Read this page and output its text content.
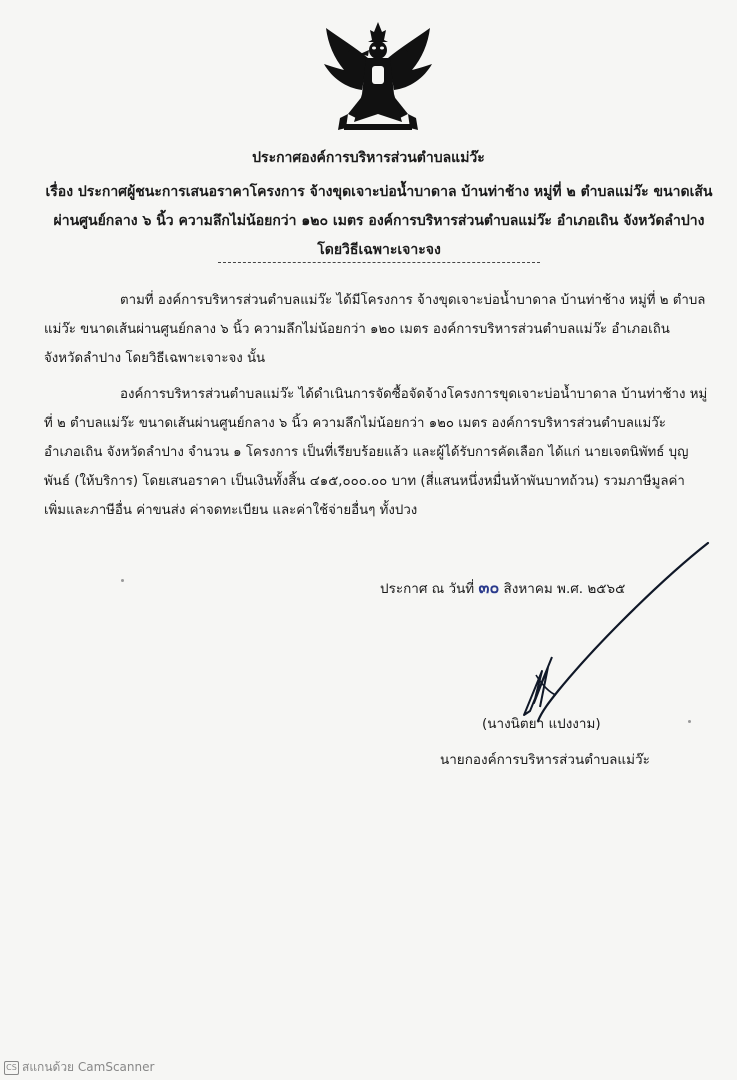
ประกาศองค์การบริหารส่วนตำบลแม่ว๊ะ
เรื่อง ประกาศผู้ชนะการเสนอราคาโครงการ จ้างขุดเจาะบ่อน้ำบาดาล บ้านท่าช้าง หมู่ที่ ๒ ตำบลแม่ว๊ะ ขนาดเส้น
ผ่านศูนย์กลาง ๖ นิ้ว ความลึกไม่น้อยกว่า ๑๒๐ เมตร องค์การบริหารส่วนตำบลแม่ว๊ะ อำเภอเถิน จังหวัดลำปาง
โดยวิธีเฉพาะเจาะจง
ตามที่ องค์การบริหารส่วนตำบลแม่ว๊ะ ได้มีโครงการ จ้างขุดเจาะบ่อน้ำบาดาล บ้านท่าช้าง หมู่ที่ ๒ ตำบล
แม่ว๊ะ ขนาดเส้นผ่านศูนย์กลาง ๖ นิ้ว ความลึกไม่น้อยกว่า ๑๒๐ เมตร องค์การบริหารส่วนตำบลแม่ว๊ะ อำเภอเถิน
จังหวัดลำปาง โดยวิธีเฉพาะเจาะจง นั้น
องค์การบริหารส่วนตำบลแม่ว๊ะ ได้ดำเนินการจัดซื้อจัดจ้างโครงการขุดเจาะบ่อน้ำบาดาล บ้านท่าช้าง หมู่
ที่ ๒ ตำบลแม่ว๊ะ ขนาดเส้นผ่านศูนย์กลาง ๖ นิ้ว ความลึกไม่น้อยกว่า ๑๒๐ เมตร องค์การบริหารส่วนตำบลแม่ว๊ะ
อำเภอเถิน จังหวัดลำปาง จำนวน ๑ โครงการ เป็นที่เรียบร้อยแล้ว และผู้ได้รับการคัดเลือก ได้แก่ นายเจตนิพัทธ์ บุญ
พันธ์ (ให้บริการ) โดยเสนอราคา เป็นเงินทั้งสิ้น ๔๑๕,๐๐๐.๐๐ บาท (สี่แสนหนึ่งหมื่นห้าพันบาทถ้วน) รวมภาษีมูลค่า
เพิ่มและภาษีอื่น ค่าขนส่ง ค่าจดทะเบียน และค่าใช้จ่ายอื่นๆ ทั้งปวง
ประกาศ ณ วันที่ ๓๐ สิงหาคม พ.ศ. ๒๕๖๕
(นางนิตยา แปงงาม)
นายกองค์การบริหารส่วนตำบลแม่ว๊ะ
CS สแกนด้วย CamScanner
